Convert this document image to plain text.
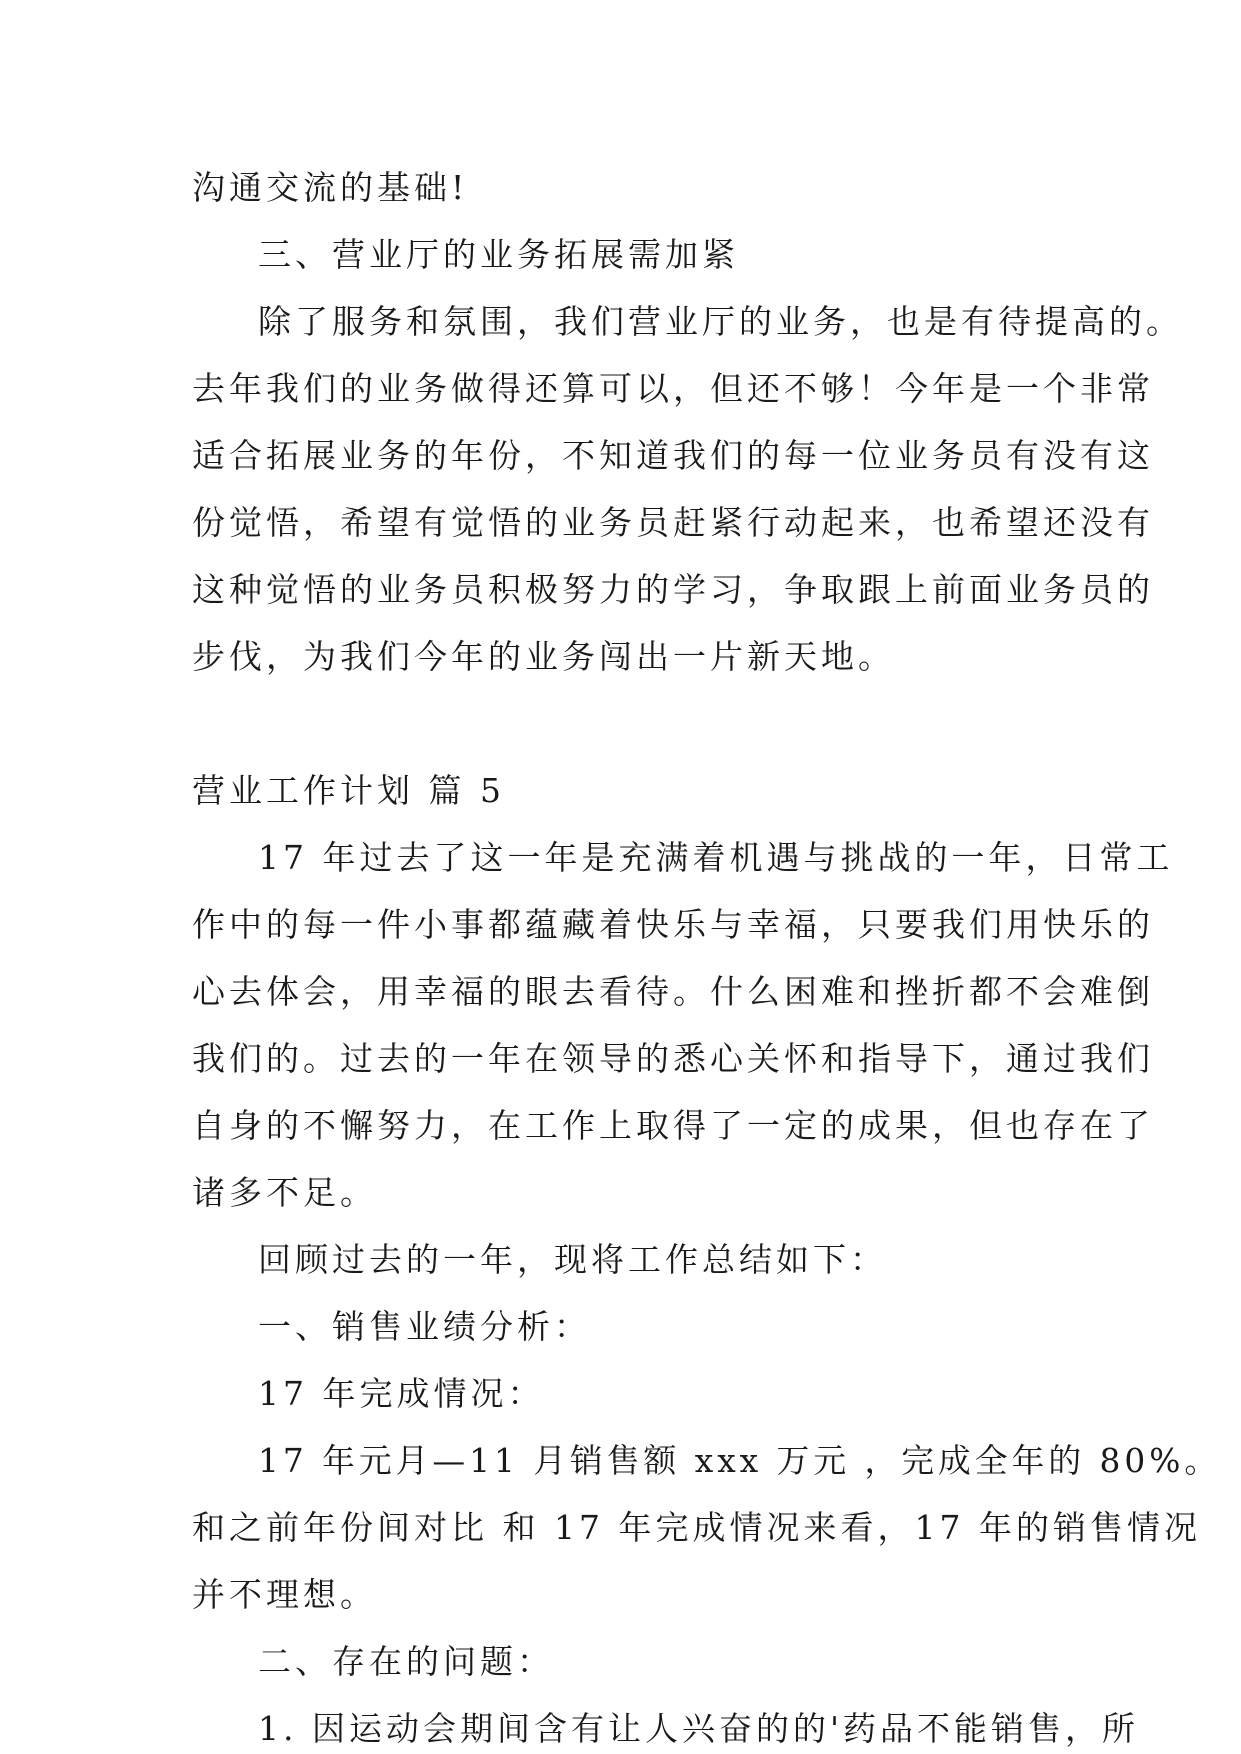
沟通交流的基础!
三、营业厅的业务拓展需加紧
除了服务和氛围，我们营业厅的业务，也是有待提高的。
去年我们的业务做得还算可以，但还不够！今年是一个非常
适合拓展业务的年份，不知道我们的每一位业务员有没有这
份觉悟，希望有觉悟的业务员赶紧行动起来，也希望还没有
这种觉悟的业务员积极努力的学习，争取跟上前面业务员的
步伐，为我们今年的业务闯出一片新天地。
营业工作计划 篇 5
17 年过去了这一年是充满着机遇与挑战的一年，日常工
作中的每一件小事都蕴藏着快乐与幸福，只要我们用快乐的
心去体会，用幸福的眼去看待。什么困难和挫折都不会难倒
我们的。过去的一年在领导的悉心关怀和指导下，通过我们
自身的不懈努力，在工作上取得了一定的成果，但也存在了
诸多不足。
回顾过去的一年，现将工作总结如下：
一、销售业绩分析：
17 年完成情况：
17 年元月—11 月销售额 xxx 万元 ，完成全年的 80%。
和之前年份间对比 和 17 年完成情况来看，17 年的销售情况
并不理想。
二、存在的问题：
1. 因运动会期间含有让人兴奋的的'药品不能销售，所
